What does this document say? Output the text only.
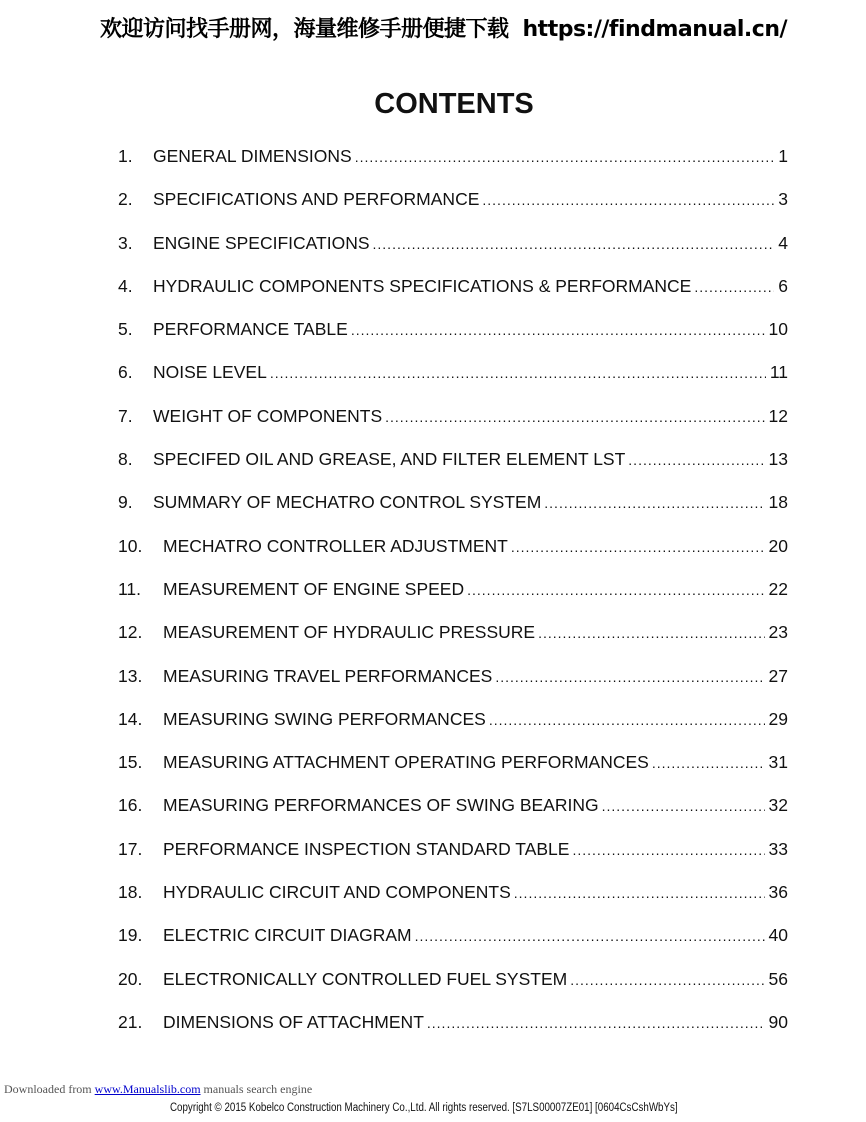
欢迎访问找手册网，海量维修手册便捷下载 https://findmanual.cn/
CONTENTS
1.	GENERAL DIMENSIONS .....	1
2.	SPECIFICATIONS AND PERFORMANCE .....	3
3.	ENGINE SPECIFICATIONS .....	4
4.	HYDRAULIC COMPONENTS SPECIFICATIONS & PERFORMANCE .....	6
5.	PERFORMANCE TABLE .....	10
6.	NOISE LEVEL .....	11
7.	WEIGHT OF COMPONENTS .....	12
8.	SPECIFED OIL AND GREASE, AND FILTER ELEMENT LST .....	13
9.	SUMMARY OF MECHATRO CONTROL SYSTEM .....	18
10.	MECHATRO CONTROLLER ADJUSTMENT .....	20
11.	MEASUREMENT OF ENGINE SPEED .....	22
12.	MEASUREMENT OF HYDRAULIC PRESSURE .....	23
13.	MEASURING TRAVEL PERFORMANCES .....	27
14.	MEASURING SWING PERFORMANCES .....	29
15.	MEASURING ATTACHMENT OPERATING PERFORMANCES .....	31
16.	MEASURING PERFORMANCES OF SWING BEARING .....	32
17.	PERFORMANCE INSPECTION STANDARD TABLE .....	33
18.	HYDRAULIC CIRCUIT AND COMPONENTS .....	36
19.	ELECTRIC CIRCUIT DIAGRAM .....	40
20.	ELECTRONICALLY CONTROLLED FUEL SYSTEM .....	56
21.	DIMENSIONS OF ATTACHMENT .....	90
Downloaded from www.Manualslib.com manuals search engine
Copyright © 2015 Kobelco Construction Machinery Co.,Ltd. All rights reserved. [S7LS00007ZE01] [0604CsCshWbYs]
